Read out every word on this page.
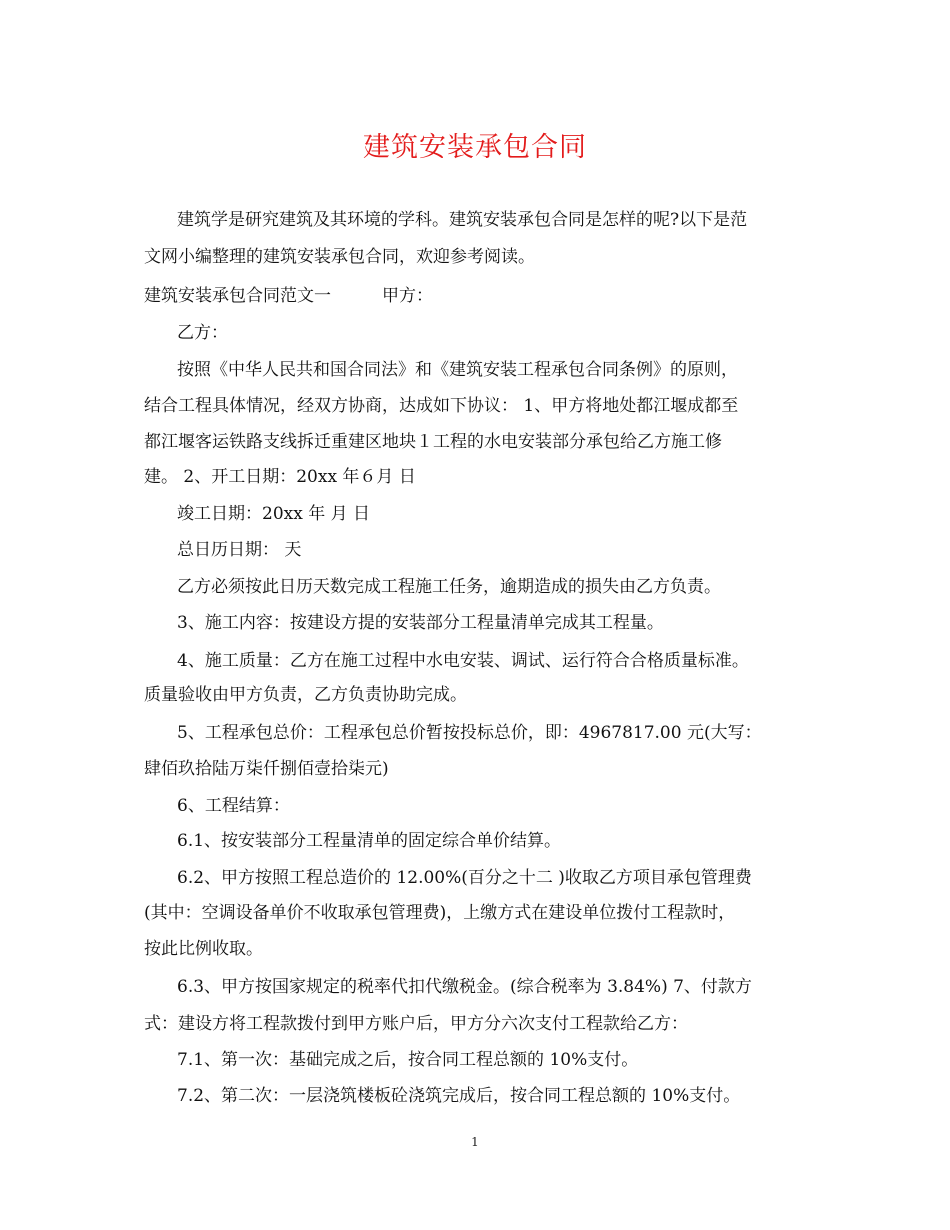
建筑安装承包合同
建筑学是研究建筑及其环境的学科。建筑安装承包合同是怎样的呢?以下是范
文网小编整理的建筑安装承包合同，欢迎参考阅读。
建筑安装承包合同范文一　　　甲方：
乙方：
按照《中华人民共和国合同法》和《建筑安装工程承包合同条例》的原则，
结合工程具体情况，经双方协商，达成如下协议： 1、甲方将地处都江堰成都至
都江堰客运铁路支线拆迁重建区地块１工程的水电安装部分承包给乙方施工修
建。 2、开工日期：20xx 年６月 日
竣工日期：20xx 年 月 日
总日历日期： 天
乙方必须按此日历天数完成工程施工任务，逾期造成的损失由乙方负责。
3、施工内容：按建设方提的安装部分工程量清单完成其工程量。
4、施工质量：乙方在施工过程中水电安装、调试、运行符合合格质量标准。
质量验收由甲方负责，乙方负责协助完成。
5、工程承包总价：工程承包总价暂按投标总价，即：4967817.00 元(大写：
肆佰玖拾陆万柒仟捌佰壹拾柒元)
6、工程结算：
6.1、按安装部分工程量清单的固定综合单价结算。
6.2、甲方按照工程总造价的 12.00%(百分之十二 )收取乙方项目承包管理费
(其中：空调设备单价不收取承包管理费)，上缴方式在建设单位拨付工程款时，
按此比例收取。
6.3、甲方按国家规定的税率代扣代缴税金。(综合税率为 3.84%) 7、付款方
式：建设方将工程款拨付到甲方账户后，甲方分六次支付工程款给乙方：
7.1、第一次：基础完成之后，按合同工程总额的 10%支付。
7.2、第二次：一层浇筑楼板砼浇筑完成后，按合同工程总额的 10%支付。
1
